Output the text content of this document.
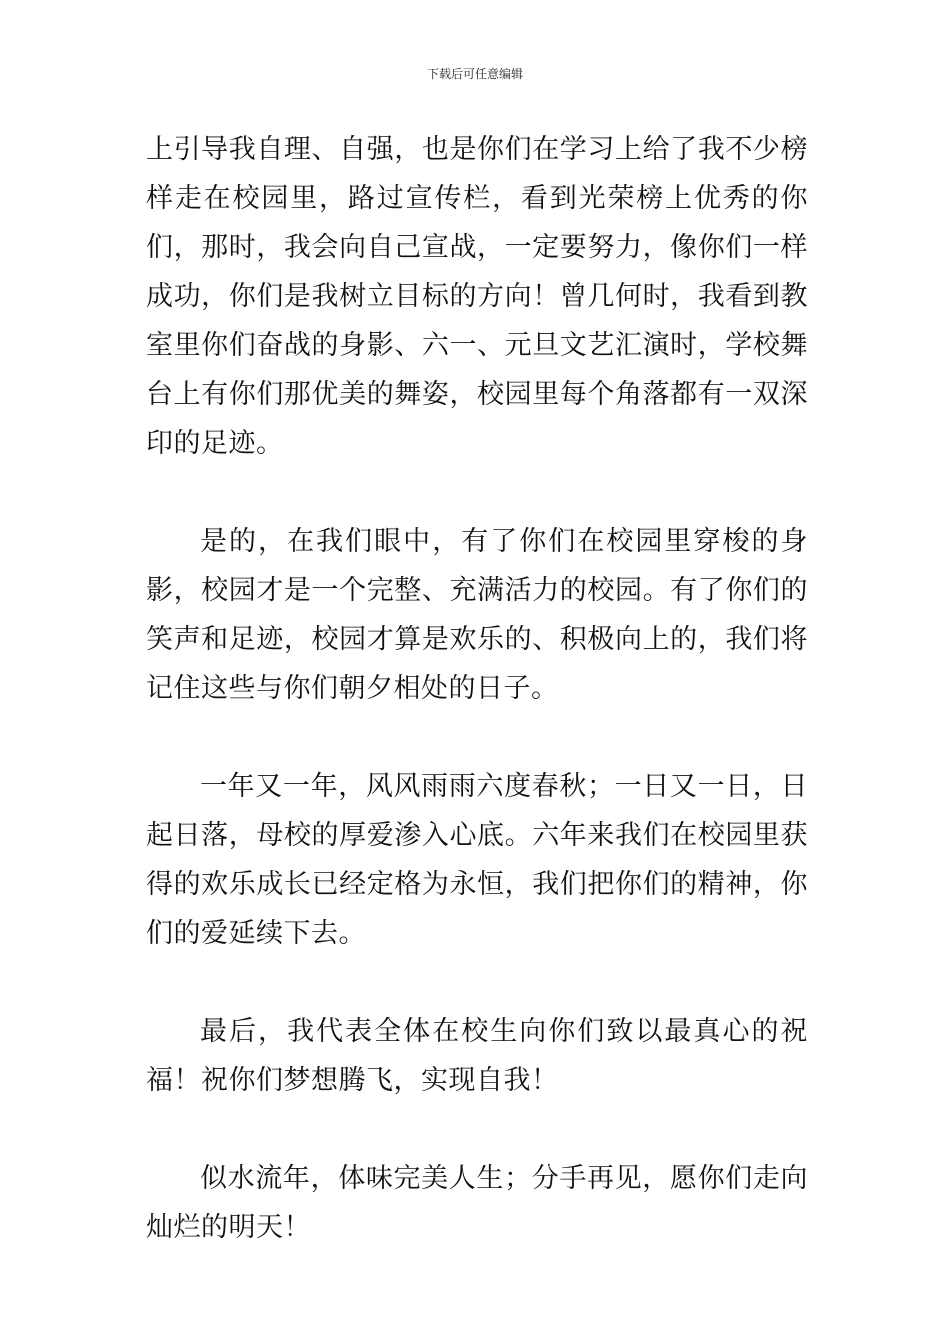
下载后可任意编辑

上引导我自理、自强，也是你们在学习上给了我不少榜样走在校园里，路过宣传栏，看到光荣榜上优秀的你们，那时，我会向自己宣战，一定要努力，像你们一样成功，你们是我树立目标的方向！曾几何时，我看到教室里你们奋战的身影、六一、元旦文艺汇演时，学校舞台上有你们那优美的舞姿，校园里每个角落都有一双深印的足迹。

是的，在我们眼中，有了你们在校园里穿梭的身影，校园才是一个完整、充满活力的校园。有了你们的笑声和足迹，校园才算是欢乐的、积极向上的，我们将记住这些与你们朝夕相处的日子。

一年又一年，风风雨雨六度春秋；一日又一日，日起日落，母校的厚爱渗入心底。六年来我们在校园里获得的欢乐成长已经定格为永恒，我们把你们的精神，你们的爱延续下去。

最后，我代表全体在校生向你们致以最真心的祝福！祝你们梦想腾飞，实现自我！

似水流年，体味完美人生；分手再见，愿你们走向灿烂的明天！
